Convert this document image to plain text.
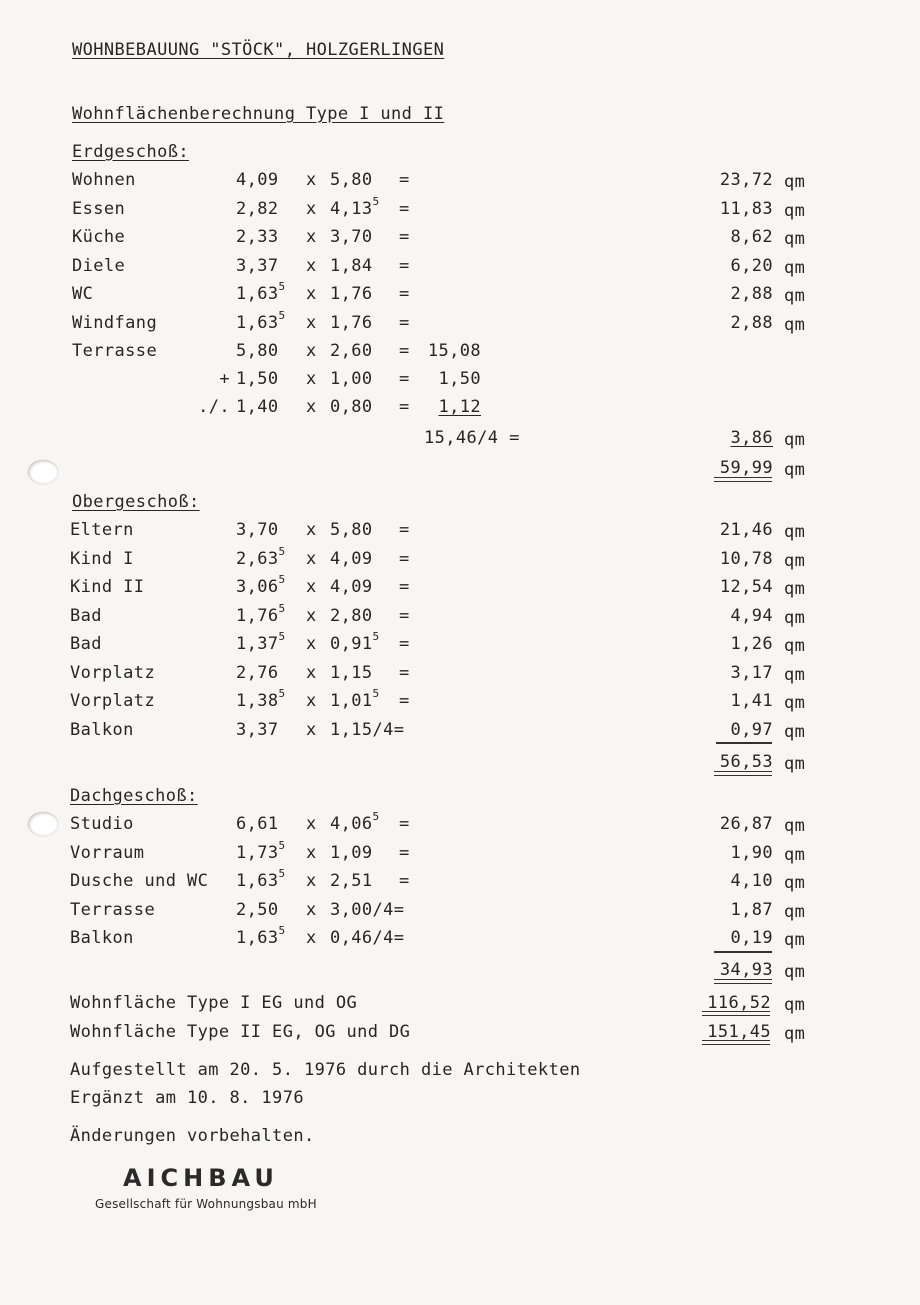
WOHNBEBAUUNG "STÖCK", HOLZGERLINGEN
Wohnflächenberechnung Type I und II
Erdgeschoß:
Wohnen	4,09 x 5,80 =	23,72 qm
Essen	2,82 x $4,13^5$ =	11,83 qm
Küche	2,33 x 3,70 =	8,62 qm
Diele	3,37 x 1,84 =	6,20 qm
WC	1,63$^5$ x 1,76 =	2,88 qm
Windfang	1,63$^5$ x 1,76 =	2,88 qm
Terrasse	5,80 x 2,60 = 15,08
+ 1,50 x 1,00 = 1,50
./. 1,40 x 0,80 = 1,12
15,46/4 =	3,86 qm
59,99 qm
Obergeschoß:
Eltern	3,70 x 5,80 =	21,46 qm
Kind I	2,63$^5$ x 4,09 =	10,78 qm
Kind II	3,06$^5$ x 4,09 =	12,54 qm
Bad	1,76$^5$ x 2,80 =	4,94 qm
Bad	1,37$^5$ x $0,91^5$ =	1,26 qm
Vorplatz	2,76 x 1,15 =	3,17 qm
Vorplatz	1,38$^5$ x $1,01^5$ =	1,41 qm
Balkon	3,37 x 1,15/4=	0,97 qm
56,53 qm
Dachgeschoß:
Studio	6,61 x $4,06^5$ =	26,87 qm
Vorraum	1,73$^5$ x 1,09 =	1,90 qm
Dusche und WC 1,63$^5$ x 2,51 =	4,10 qm
Terrasse	2,50 x 3,00/4=	1,87 qm
Balkon	1,63$^5$ x 0,46/4=	0,19 qm
34,93 qm
Wohnfläche Type I EG und OG	116,52 qm
Wohnfläche Type II EG, OG und DG	151,45 qm
Aufgestellt am 20. 5. 1976 durch die Architekten
Ergänzt am 10. 8. 1976
Änderungen vorbehalten.
AICHBAU
Gesellschaft für Wohnungsbau mbH
